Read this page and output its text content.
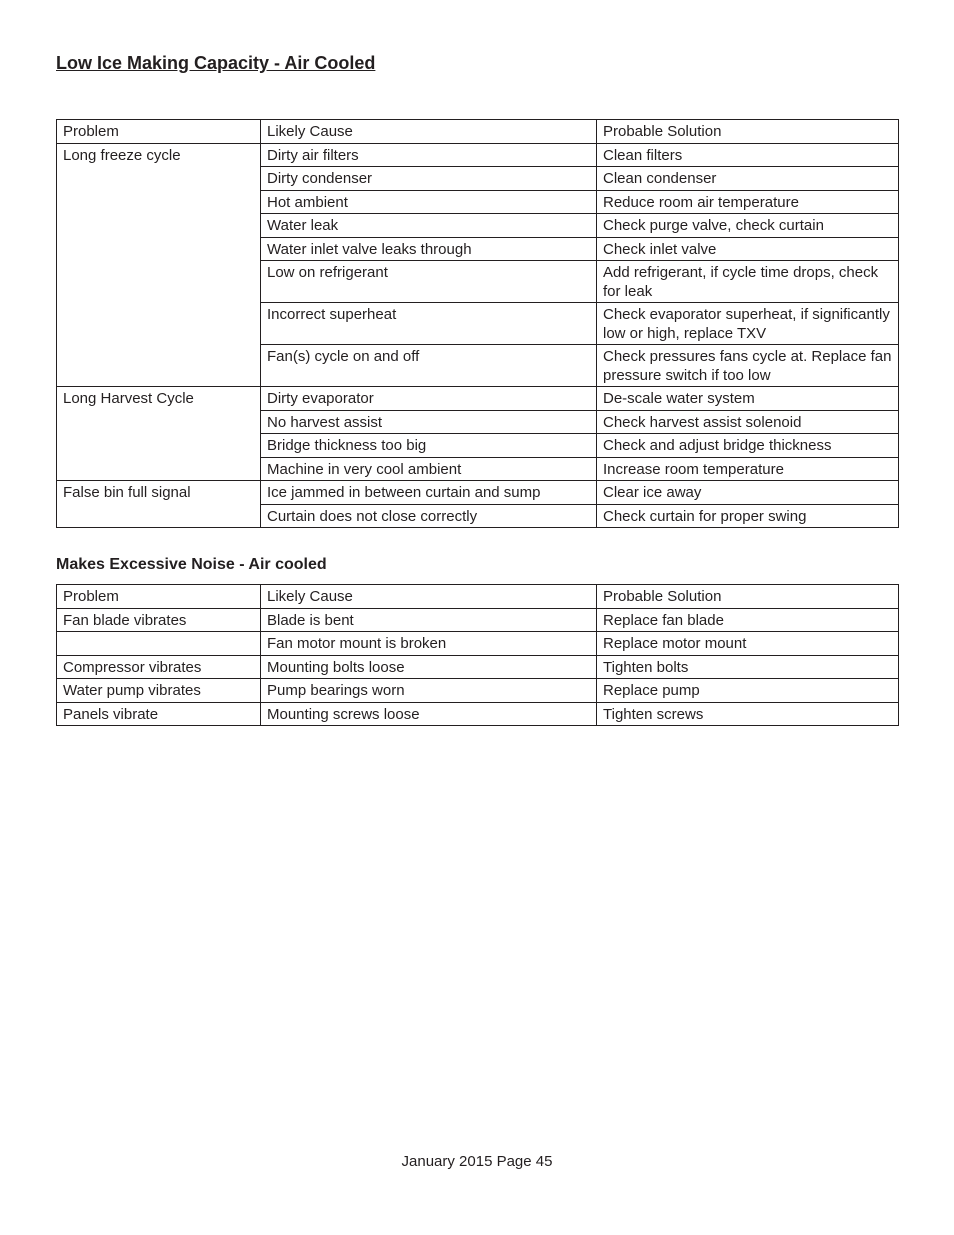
Low Ice Making Capacity - Air Cooled
Problem	Likely Cause	Probable Solution
Long freeze cycle	Dirty air filters	Clean filters
	Dirty condenser	Clean condenser
	Hot ambient	Reduce room air temperature
	Water leak	Check purge valve, check curtain
	Water inlet valve leaks through	Check inlet valve
	Low on refrigerant	Add refrigerant, if cycle time drops, check for leak
	Incorrect superheat	Check evaporator superheat, if significantly low or high, replace TXV
	Fan(s) cycle on and off	Check pressures fans cycle at. Replace fan pressure switch if too low
Long Harvest Cycle	Dirty evaporator	De-scale water system
	No harvest assist	Check harvest assist solenoid
	Bridge thickness too big	Check and adjust bridge thickness
	Machine in very cool ambient	Increase room temperature
False bin full signal	Ice jammed in between curtain and sump	Clear ice away
	Curtain does not close correctly	Check curtain for proper swing
Makes Excessive Noise - Air cooled
Problem	Likely Cause	Probable Solution
Fan blade vibrates	Blade is bent	Replace fan blade
	Fan motor mount is broken	Replace motor mount
Compressor vibrates	Mounting bolts loose	Tighten bolts
Water pump vibrates	Pump bearings worn	Replace pump
Panels vibrate	Mounting screws loose	Tighten screws
January 2015 Page 45
